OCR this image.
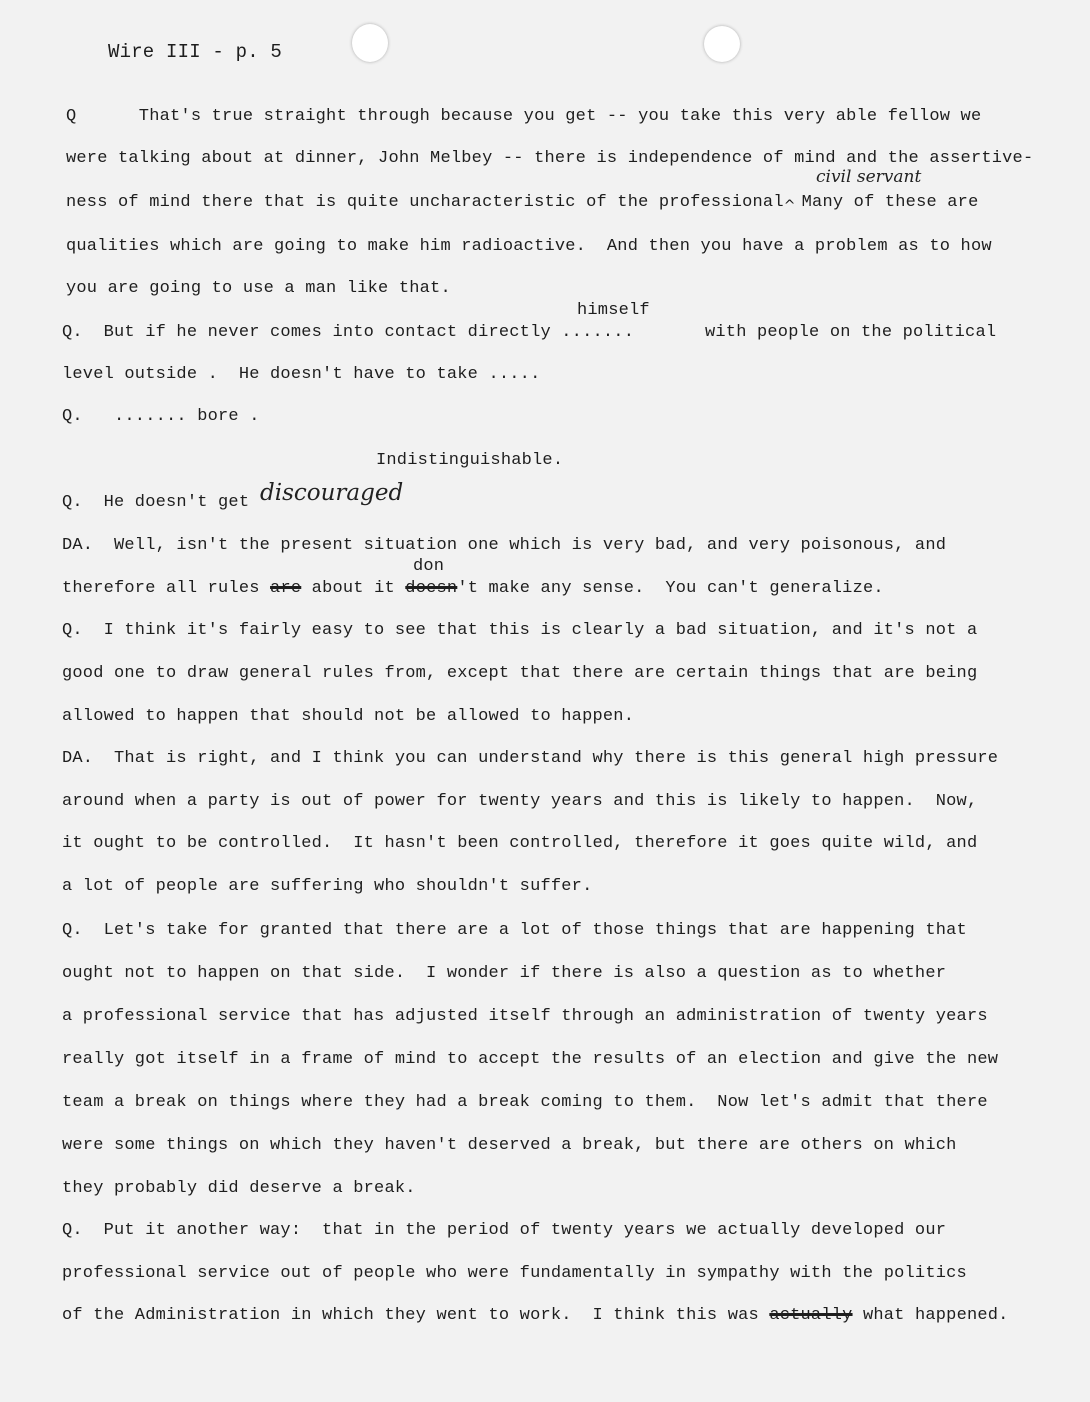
Wire III - p. 5
Q      That's true straight through because you get -- you take this very able fellow we
were talking about at dinner, John Melbey -- there is independence of mind and the assertive-
civil servant
ness of mind there that is quite uncharacteristic of the professional$_{\^{}}$ Many of these are
qualities which are going to make him radioactive.  And then you have a problem as to how
you are going to use a man like that.
himself
Q.  But if he never comes into contact directly .......	with people on the political
level outside .  He doesn't have to take .....
Q.   ....... bore .
Indistinguishable.
Q.  He doesn't get discouraged
DA.  Well, isn't the present situation one which is very bad, and very poisonous, and
don
therefore all rules are about it doesn't make any sense.  You can't generalize.
Q.  I think it's fairly easy to see that this is clearly a bad situation, and it's not a
good one to draw general rules from, except that there are certain things that are being
allowed to happen that should not be allowed to happen.
DA.  That is right, and I think you can understand why there is this general high pressure
around when a party is out of power for twenty years and this is likely to happen.  Now,
it ought to be controlled.  It hasn't been controlled, therefore it goes quite wild, and
a lot of people are suffering who shouldn't suffer.
Q.  Let's take for granted that there are a lot of those things that are happening that
ought not to happen on that side.  I wonder if there is also a question as to whether
a professional service that has adjusted itself through an administration of twenty years
really got itself in a frame of mind to accept the results of an election and give the new
team a break on things where they had a break coming to them.  Now let's admit that there
were some things on which they haven't deserved a break, but there are others on which
they probably did deserve a break.
Q.  Put it another way:  that in the period of twenty years we actually developed our
professional service out of people who were fundamentally in sympathy with the politics
of the Administration in which they went to work.  I think this was actually what happened.
